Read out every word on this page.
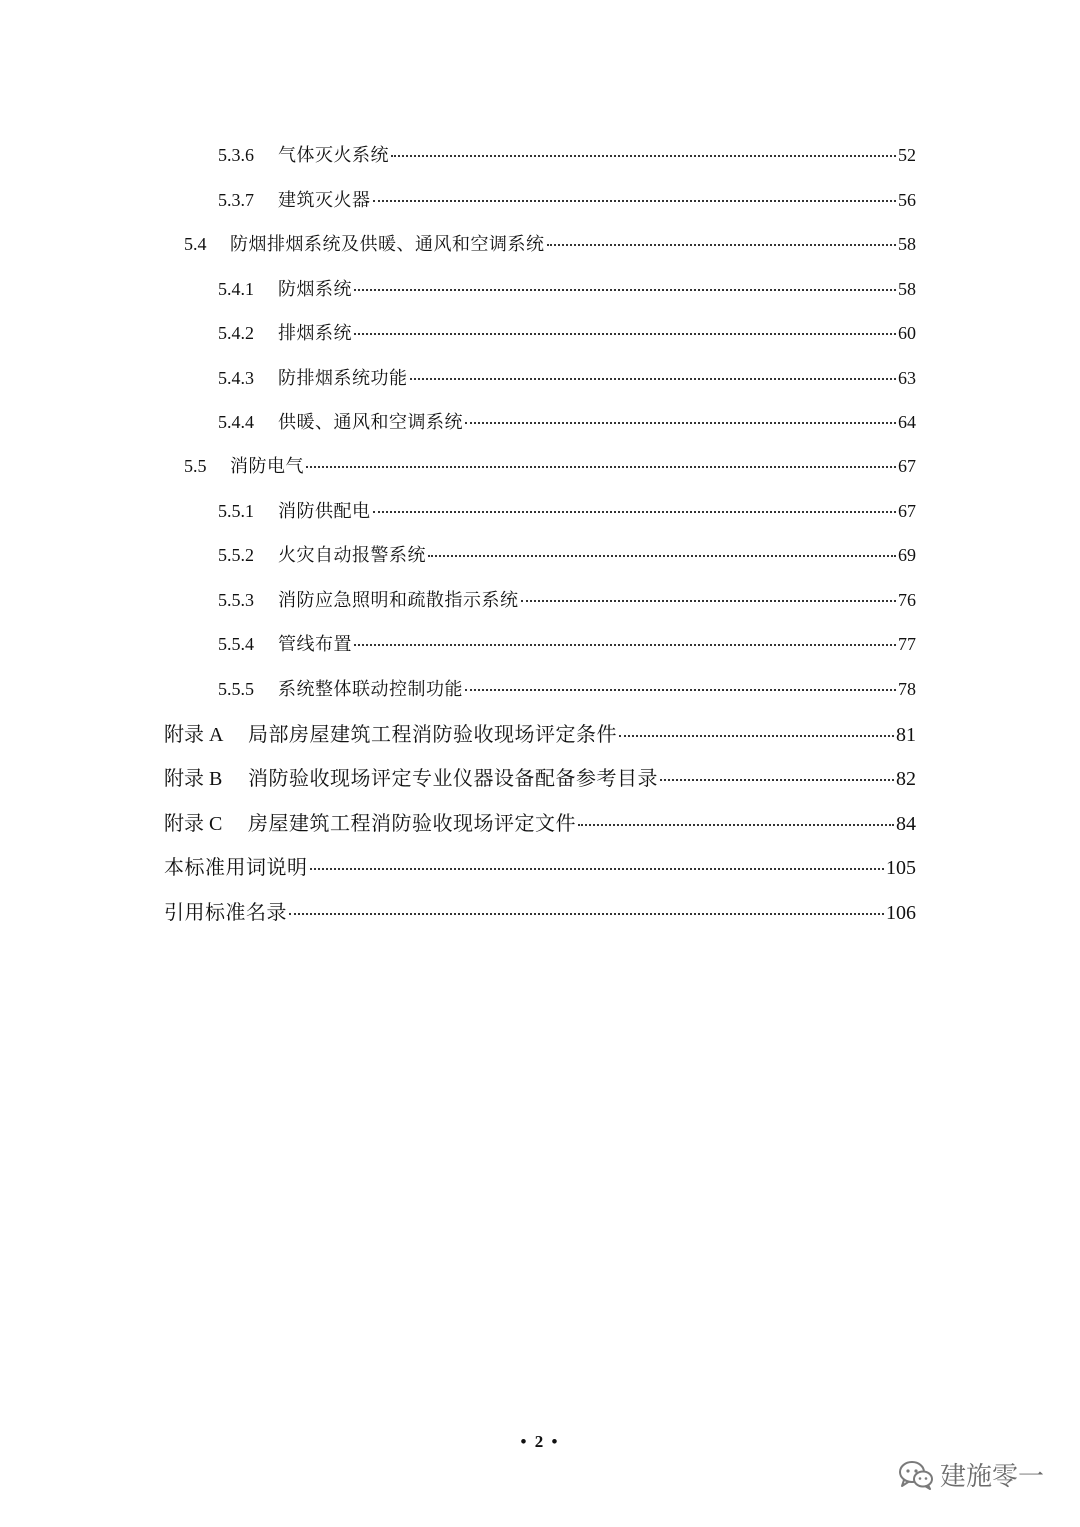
5.3.6	气体灭火系统	52
5.3.7	建筑灭火器	56
5.4	防烟排烟系统及供暖、通风和空调系统	58
5.4.1	防烟系统	58
5.4.2	排烟系统	60
5.4.3	防排烟系统功能	63
5.4.4	供暖、通风和空调系统	64
5.5	消防电气	67
5.5.1	消防供配电	67
5.5.2	火灾自动报警系统	69
5.5.3	消防应急照明和疏散指示系统	76
5.5.4	管线布置	77
5.5.5	系统整体联动控制功能	78
附录 A	局部房屋建筑工程消防验收现场评定条件	81
附录 B	消防验收现场评定专业仪器设备配备参考目录	82
附录 C	房屋建筑工程消防验收现场评定文件	84
本标准用词说明	105
引用标准名录	106
• 2 •
建施零一
